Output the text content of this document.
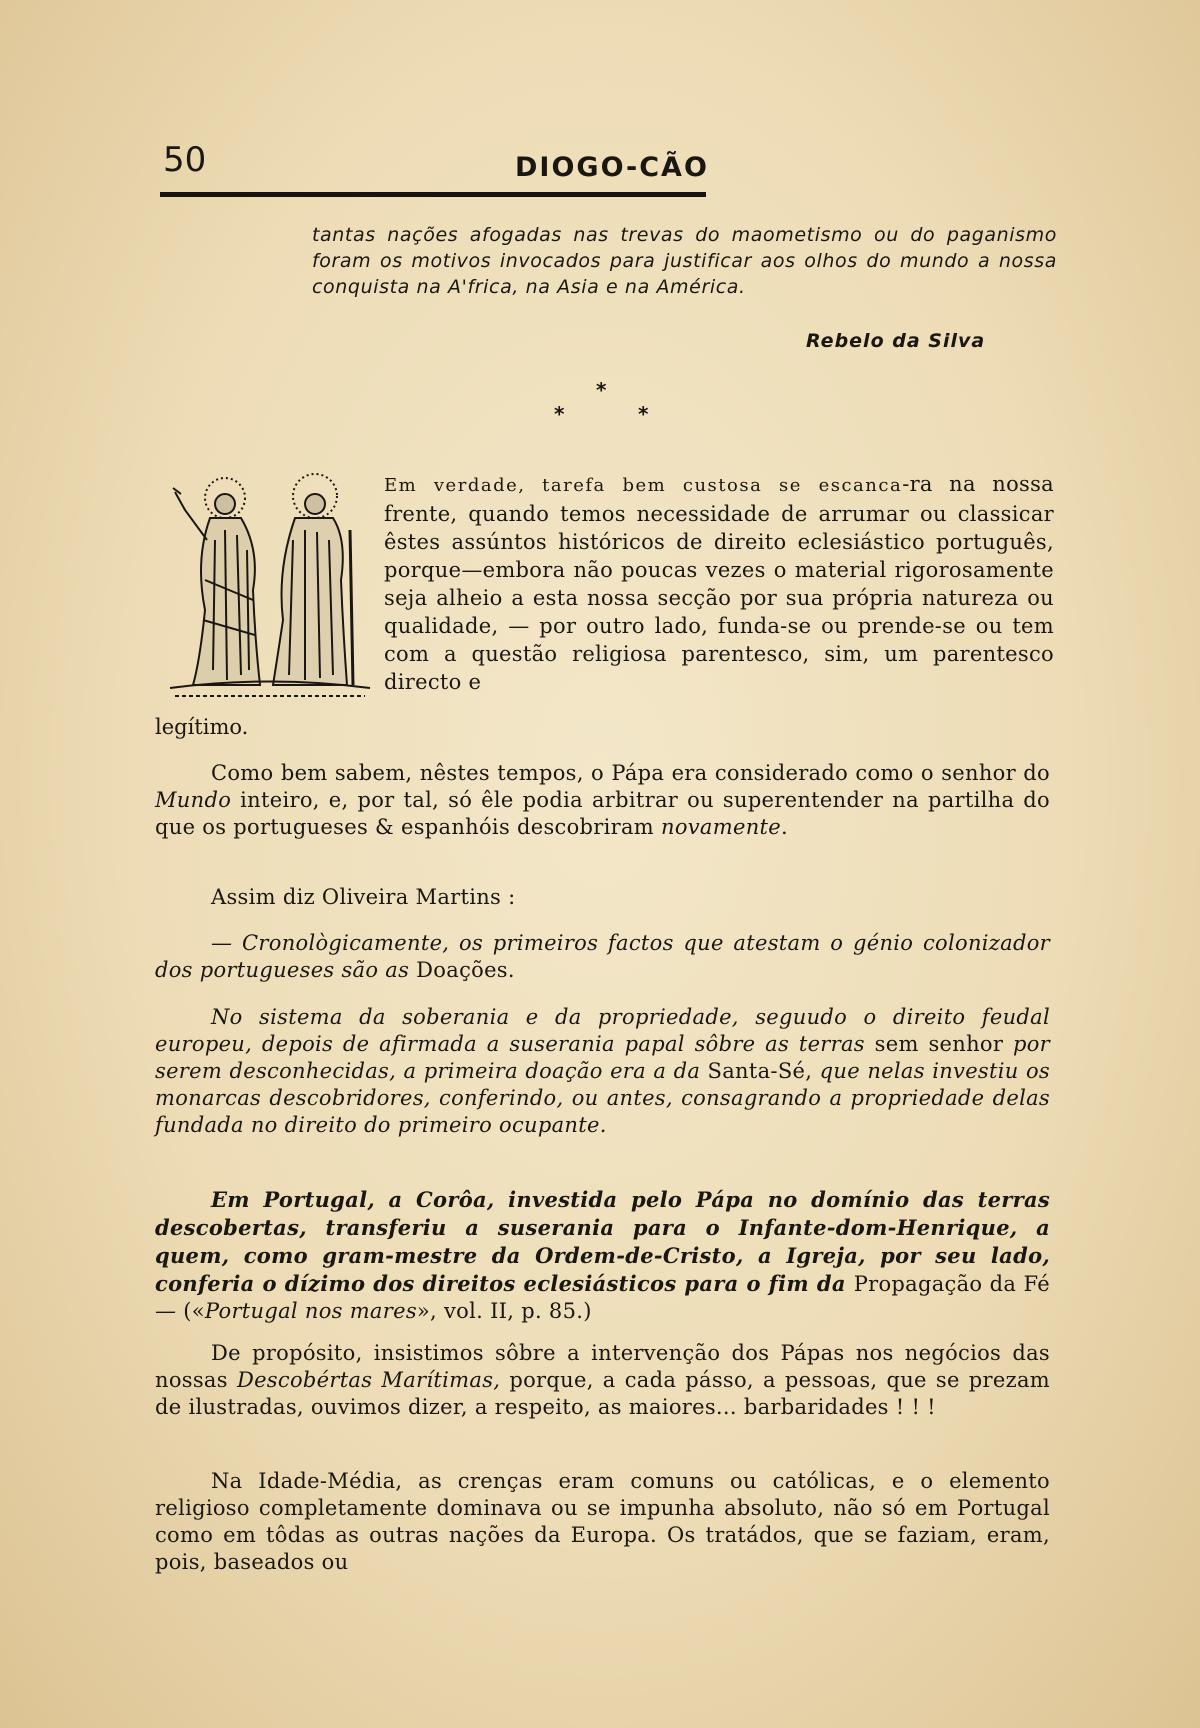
50	DIOGO-CÃO
tantas nações afogadas nas trevas do maometismo ou do paganismo foram os motivos invocados para justificar aos olhos do mundo a nossa conquista na A'frica, na Asia e na América.
Rebelo da Silva
*
*	*
Em verdade, tarefa bem custosa se escanca-ra na nossa frente, quando temos necessidade de arrumar ou classicar êstes assúntos históricos de direito eclesiástico português, porque—embora não poucas vezes o material rigorosamente seja alheio a esta nossa secção por sua própria natureza ou qualidade, — por outro lado, funda-se ou prende-se ou tem com a questão religiosa parentesco, sim, um parentesco directo e
legítimo.

Como bem sabem, nêstes tempos, o Pápa era considerado como o senhor do Mundo inteiro, e, por tal, só êle podia arbitrar ou superentender na partilha do que os portugueses & espanhóis descobriram novamente.

Assim diz Oliveira Martins :

— Cronològicamente, os primeiros factos que atestam o génio colonizador dos portugueses são as Doações.

No sistema da soberania e da propriedade, seguudo o direito feudal europeu, depois de afirmada a suserania papal sôbre as terras sem senhor por serem desconhecidas, a primeira doação era a da Santa-Sé, que nelas investiu os monarcas descobridores, conferindo, ou antes, consagrando a propriedade delas fundada no direito do primeiro ocupante.

Em Portugal, a Corôa, investida pelo Pápa no domínio das terras descobertas, transferiu a suserania para o Infante-dom-Henrique, a quem, como gram-mestre da Ordem-de-Cristo, a Igreja, por seu lado, conferia o dízimo dos direitos eclesiásticos para o fim da Propagação da Fé — («Portugal nos mares», vol. II, p. 85.)

De propósito, insistimos sôbre a intervenção dos Pápas nos negócios das nossas Descobértas Marítimas, porque, a cada pásso, a pessoas, que se prezam de ilustradas, ouvimos dizer, a respeito, as maiores... barbaridades ! ! !

Na Idade-Média, as crenças eram comuns ou católicas, e o elemento religioso completamente dominava ou se impunha absoluto, não só em Portugal como em tôdas as outras nações da Europa. Os tratádos, que se faziam, eram, pois, baseados ou
